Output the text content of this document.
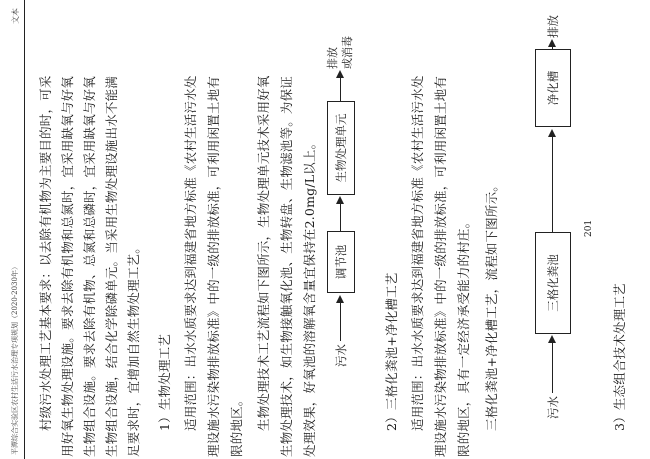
平潭综合实验区农村生活污水治理专项规划（2020-2030年）
文本
村级污水处理工艺基本要求：以去除有机物为主要目的时，可采 用好氧生物处理设施。要求去除有机物和总氮时，宜采用缺氧与好氧 生物组合设施。要求去除有机物、总氮和总磷时，宜采用缺氧与好氧 生物组合设施，结合化学除磷单元。当采用生物处理设施出水不能满 足要求时，宜增加自然生物处理工艺。 1）生物处理工艺 适用范围：出水水质要求达到福建省地方标准《农村生活污水处 理设施水污染物排放标准》中的一级的排放标准，可利用闲置土地有 限的地区。 生物处理技术工艺流程如下图所示，生物处理单元技术采用好氧 生物处理技术，如生物接触氧化池、生物转盘、生物滤池等。为保证 处理效果，好氧池的溶解氧含量宜保持在2.0mg/L以上。 污水
调节池
生物处理单元
排放 或消毒
2）三格化粪池+净化槽工艺 适用范围：出水水质要求达到福建省地方标准《农村生活污水处 理设施水污染物排放标准》中的一级的排放标准，可利用闲置土地有 限的地区，具有一定经济承受能力的村庄。 三格化粪池+净化槽工艺，流程如下图所示。	污水
三格化粪池
净化槽
排放
201
3）生态组合技术处理工艺
